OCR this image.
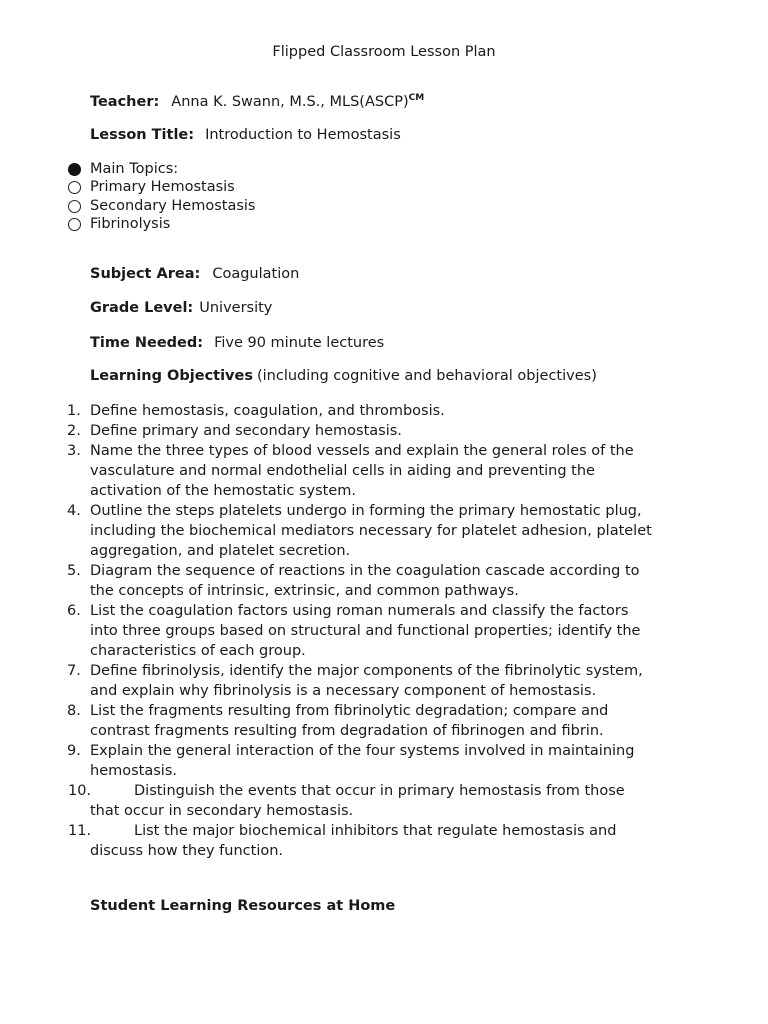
Flipped Classroom Lesson Plan
Teacher: Anna K. Swann, M.S., MLS(ASCP)$^{CM}$
Lesson Title: Introduction to Hemostasis
Main Topics:
Primary Hemostasis
Secondary Hemostasis
Fibrinolysis
Subject Area: Coagulation
Grade Level: University
Time Needed: Five 90 minute lectures
Learning Objectives (including cognitive and behavioral objectives)
1. Define hemostasis, coagulation, and thrombosis.
2. Define primary and secondary hemostasis.
3. Name the three types of blood vessels and explain the general roles of the
vasculature and normal endothelial cells in aiding and preventing the
activation of the hemostatic system.
4. Outline the steps platelets undergo in forming the primary hemostatic plug,
including the biochemical mediators necessary for platelet adhesion, platelet
aggregation, and platelet secretion.
5. Diagram the sequence of reactions in the coagulation cascade according to
the concepts of intrinsic, extrinsic, and common pathways.
6. List the coagulation factors using roman numerals and classify the factors
into three groups based on structural and functional properties; identify the
characteristics of each group.
7. Define fibrinolysis, identify the major components of the fibrinolytic system,
and explain why fibrinolysis is a necessary component of hemostasis.
8. List the fragments resulting from fibrinolytic degradation; compare and
contrast fragments resulting from degradation of fibrinogen and fibrin.
9. Explain the general interaction of the four systems involved in maintaining
hemostasis.
10.	Distinguish the events that occur in primary hemostasis from those
that occur in secondary hemostasis.
11.	List the major biochemical inhibitors that regulate hemostasis and
discuss how they function.
Student Learning Resources at Home
